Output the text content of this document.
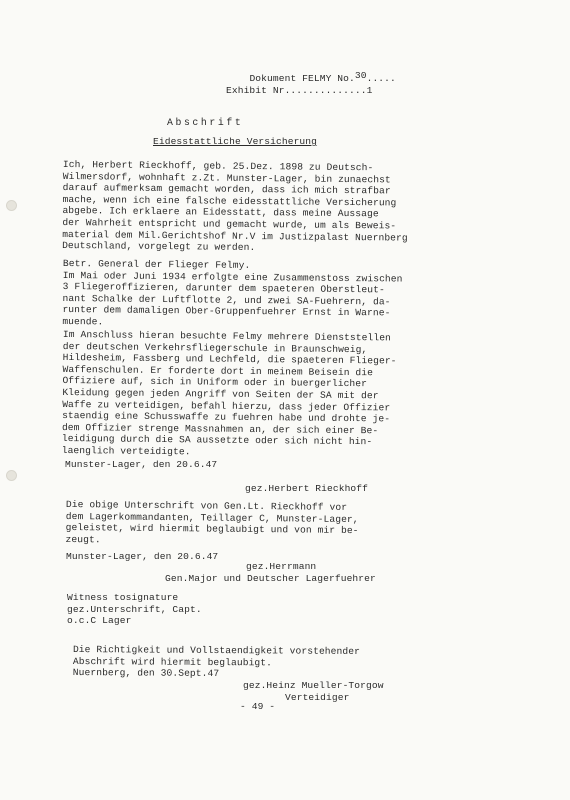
Dokument FELMY No.30.....

Exhibit Nr..............1
Abschrift
Eidesstattliche Versicherung
Ich, Herbert Rieckhoff, geb. 25.Dez. 1898 zu Deutsch-
Wilmersdorf, wohnhaft z.Zt. Munster-Lager, bin zunaechst
darauf aufmerksam gemacht worden, dass ich mich strafbar
mache, wenn ich eine falsche eidesstattliche Versicherung
abgebe. Ich erklaere an Eidesstatt, dass meine Aussage
der Wahrheit entspricht und gemacht wurde, um als Beweis-
material dem Mil.Gerichtshof Nr.V im Justizpalast Nuernberg
Deutschland, vorgelegt zu werden.
Betr. General der Flieger Felmy.
Im Mai oder Juni 1934 erfolgte eine Zusammenstoss zwischen
3 Fliegeroffizieren, darunter dem spaeteren Oberstleut-
nant Schalke der Luftflotte 2, und zwei SA-Fuehrern, da-
runter dem damaligen Ober-Gruppenfuehrer Ernst in Warne-
muende.
Im Anschluss hieran besuchte Felmy mehrere Dienststellen
der deutschen Verkehrsfliegerschule in Braunschweig,
Hildesheim, Fassberg und Lechfeld, die spaeteren Flieger-
Waffenschulen. Er forderte dort in meinem Beisein die
Offiziere auf, sich in Uniform oder in buergerlicher
Kleidung gegen jeden Angriff von Seiten der SA mit der
Waffe zu verteidigen, befahl hierzu, dass jeder Offizier
staendig eine Schusswaffe zu fuehren habe und drohte je-
dem Offizier strenge Massnahmen an, der sich einer Be-
leidigung durch die SA aussetzte oder sich nicht hin-
laenglich verteidigte.
Munster-Lager, den 20.6.47
gez.Herbert Rieckhoff
Die obige Unterschrift von Gen.Lt. Rieckhoff vor
dem Lagerkommandanten, Teillager C, Munster-Lager,
geleistet, wird hiermit beglaubigt und von mir be-
zeugt.
Munster-Lager, den 20.6.47
gez.Herrmann
Gen.Major und Deutscher Lagerfuehrer
Witness tosignature
gez.Unterschrift, Capt.
o.c.C Lager
Die Richtigkeit und Vollstaendigkeit vorstehender
Abschrift wird hiermit beglaubigt.
Nuernberg, den 30.Sept.47
gez.Heinz Mueller-Torgow
Verteidiger
- 49 -
